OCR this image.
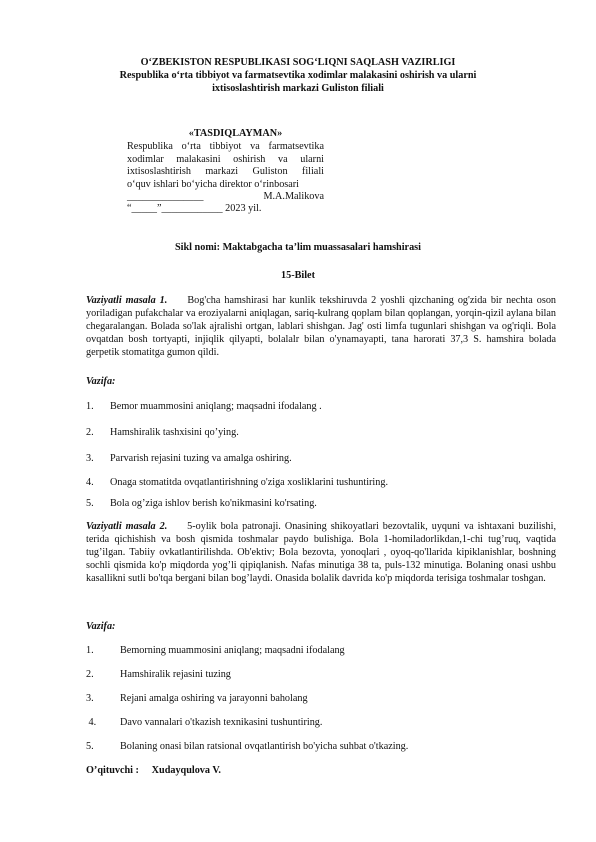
O‘ZBEKISTON RESPUBLIKASI SOG‘LIQNI SAQLASH VAZIRLIGI
Respublika o‘rta tibbiyot va farmatsevtika xodimlar malakasini oshirish va ularni
ixtisoslashtirish markazi Guliston filiali
«TASDIQLAYMAN»
Respublika o‘rta tibbiyot va farmatsevtika
xodimlar malakasini oshirish va ularni
ixtisoslashtirish markazi Guliston filiali
o‘quv ishlari bo‘yicha direktor o‘rinbosari
_______________	M.A.Malikova
“_____”____________ 2023 yil.
Sikl nomi: Maktabgacha ta’lim muassasalari hamshirasi
15-Bilet
Vaziyatli masala 1. Bog'cha hamshirasi har kunlik tekshiruvda 2 yoshli qizchaning og'zida bir nechta oson yoriladigan pufakchalar va eroziyalarni aniqlagan, sariq-kulrang qoplam bilan qoplangan, yorqin-qizil aylana bilan chegaralangan. Bolada so'lak ajralishi ortgan, lablari shishgan. Jag' osti limfa tugunlari shishgan va og'riqli. Bola ovqatdan bosh tortyapti, injiqlik qilyapti, bolalalr bilan o'ynamayapti, tana harorati 37,3 S. hamshira bolada gerpetik stomatitga gumon qildi.
Vazifa:
1. Bemor muammosini aniqlang; maqsadni ifodalang .
2. Hamshiralik tashxisini qo’ying.
3. Parvarish rejasini tuzing va amalga oshiring.
4. Onaga stomatitda ovqatlantirishning o'ziga xosliklarini tushuntiring.
5. Bola og’ziga ishlov berish ko'nikmasini ko'rsating.
Vaziyatli masala 2. 5-oylik bola patronaji. Onasining shikoyatlari bezovtalik, uyquni va ishtaxani buzilishi, terida qichishish va bosh qismida toshmalar paydo bulishiga. Bola 1-homiladorlikdan,1-chi tug’ruq, vaqtida tug’ilgan. Tabiiy ovkatlantirilishda. Ob'ektiv; Bola bezovta, yonoqlari , oyoq-qo'llarida kipiklanishlar, boshning sochli qismida ko'p miqdorda yog’li qipiqlanish. Nafas minutiga 38 ta, puls-132 minutiga. Bolaning onasi ushbu kasallikni sutli bo'tqa bergani bilan bog’laydi. Onasida bolalik davrida ko'p miqdorda terisiga toshmalar toshgan.
Vazifa:
1.	Bemorning muammosini aniqlang; maqsadni ifodalang
2.	Hamshiralik rejasini tuzing
3.	Rejani amalga oshiring va jarayonni baholang
4. Davo vannalari o'tkazish texnikasini tushuntiring.
5.	Bolaning onasi bilan ratsional ovqatlantirish bo'yicha suhbat o'tkazing.
O’qituvchi : Xudayqulova V.
